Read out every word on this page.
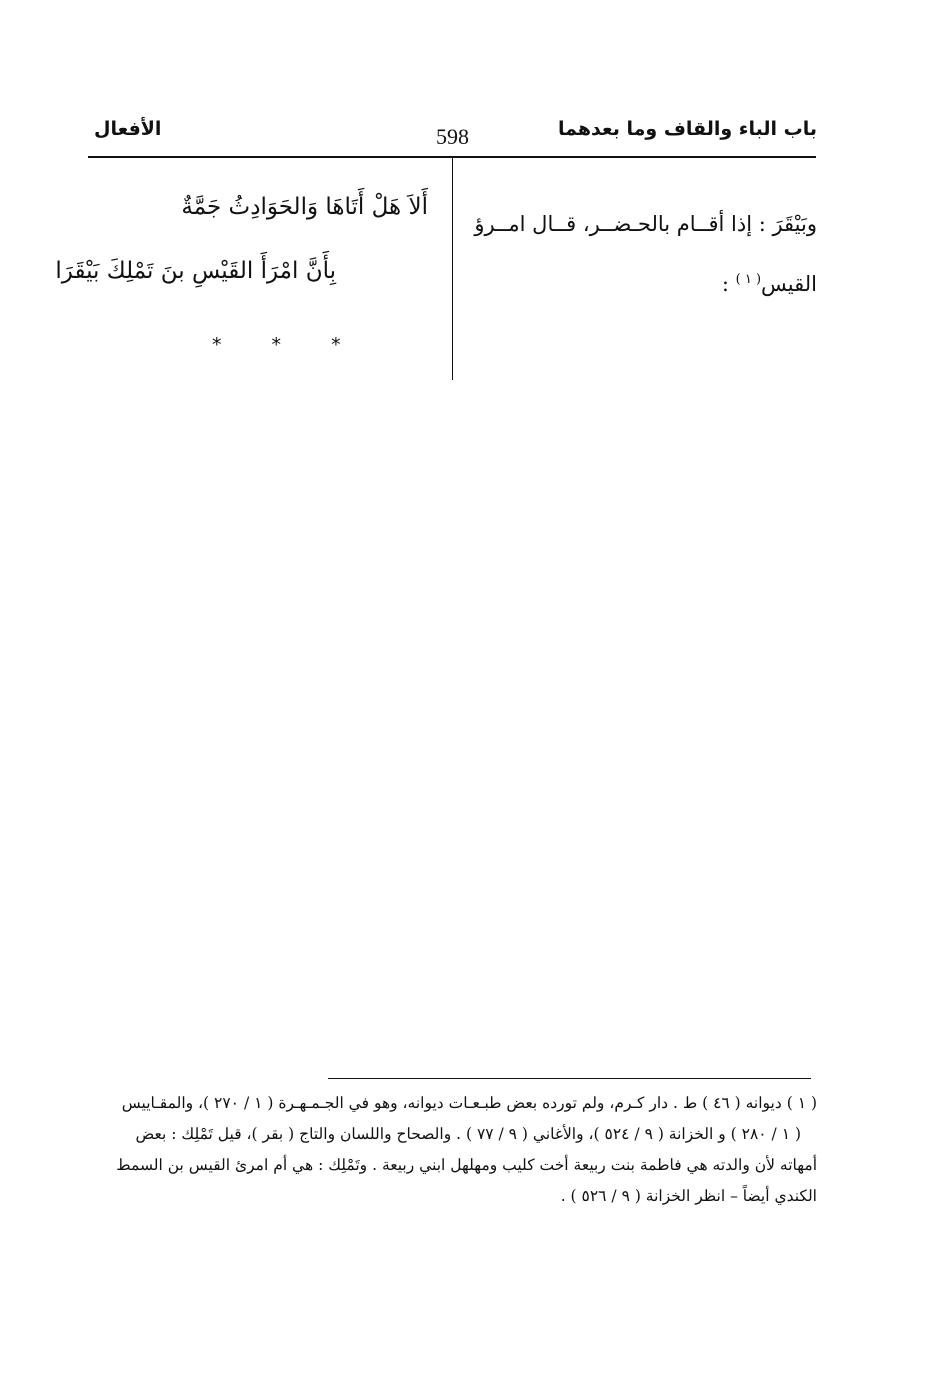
باب الباء والقاف وما بعدهما
598
الأفعال
وبَيْقَرَ : إذا أقــام بالحـضــر، قــال امــرؤ
القيس$^{( ١ )}$ :
أَلاَ هَلْ أَتَاهَا وَالحَوَادِثُ جَمَّةٌ
بِأَنَّ امْرَأَ القَيْسِ بنَ تَمْلِكَ بَيْقَرَا
* * *
( ١ ) ديوانه ( ٤٦ ) ط . دار كـرم، ولم تورده بعض طبـعـات ديوانه، وهو في الجـمـهـرة ( ١ / ٢٧٠ )، والمقـاييس
( ١ / ٢٨٠ ) و الخزانة ( ٩ / ٥٢٤ )، والأغاني ( ٩ / ٧٧ ) . والصحاح واللسان والتاج ( بقر )، قيل تَمْلِك : بعض
أمهاته لأن والدته هي فاطمة بنت ربيعة أخت كليب ومهلهل ابني ربيعة . وتَمْلِك : هي أم امرئ القيس بن السمط
الكندي أيضاً – انظر الخزانة ( ٩ / ٥٢٦ ) .
